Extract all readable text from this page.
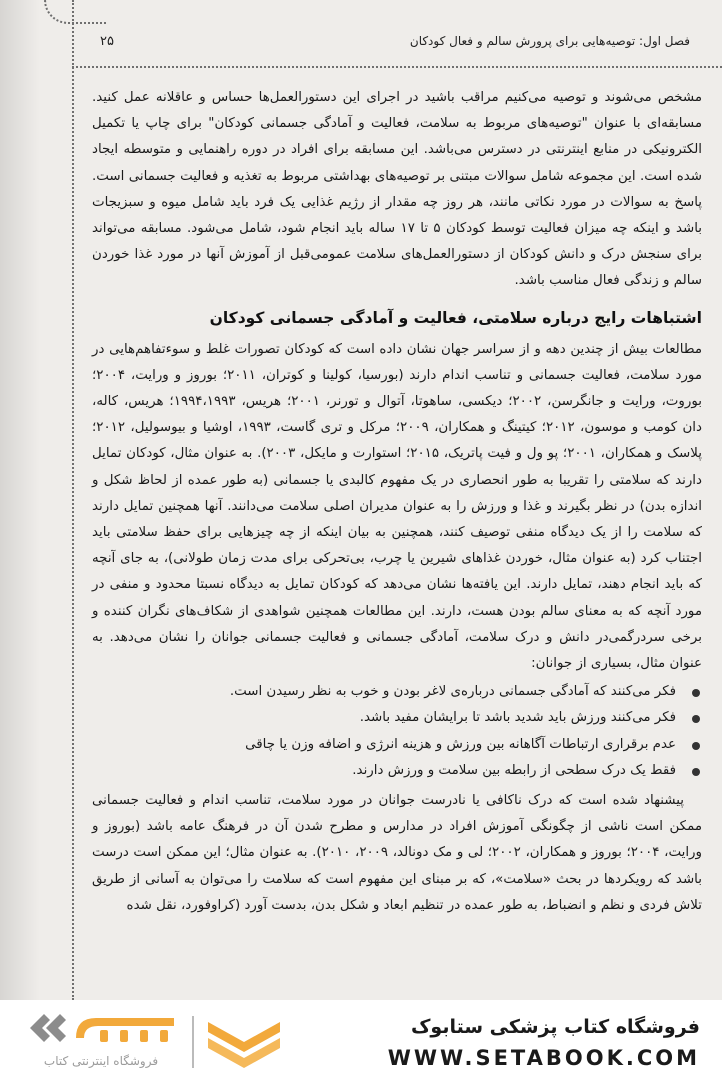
فصل اول: توصیه‌هایی برای پرورش سالم و فعال کودکان
۲۵

مشخص می‌شوند و توصیه می‌کنیم مراقب باشید در اجرای این دستورالعمل‌ها حساس و عاقلانه عمل کنید. مسابقه‌ای با عنوان "توصیه‌های مربوط به سلامت، فعالیت و آمادگی جسمانی کودکان" برای چاپ یا تکمیل الکترونیکی در منابع اینترنتی در دسترس می‌باشد. این مسابقه برای افراد در دوره راهنمایی و متوسطه ایجاد شده است. این مجموعه شامل سوالات مبتنی بر توصیه‌های بهداشتی مربوط به تغذیه و فعالیت جسمانی است. پاسخ به سوالات در مورد نکاتی مانند، هر روز چه مقدار از رژیم غذایی یک فرد باید شامل میوه و سبزیجات باشد و اینکه چه میزان فعالیت توسط کودکان ۵ تا ۱۷ ساله باید انجام شود، شامل می‌شود. مسابقه می‌تواند برای سنجش درک و دانش کودکان از دستورالعمل‌های سلامت عمومی‌قبل از آموزش آنها در مورد غذا خوردن سالم و زندگی فعال مناسب باشد.

اشتباهات رایج درباره سلامتی، فعالیت و آمادگی جسمانی کودکان

مطالعات بیش از چندین دهه و از سراسر جهان نشان داده است که کودکان تصورات غلط و سوءتفاهم‌هایی در مورد سلامت، فعالیت جسمانی و تناسب اندام دارند (بورسیا، کولینا و کوتران، ۲۰۱۱؛ بوروز و ورایت، ۲۰۰۴؛ بوروت، ورایت و جانگرسن، ۲۰۰۲؛ دیکسی، ساهوتا، آتوال و تورنر، ۲۰۰۱؛ هریس، ۱۹۹۴،۱۹۹۳؛ هریس، کاله، دان کومب و موسون، ۲۰۱۲؛ کیتینگ و همکاران، ۲۰۰۹؛ مرکل و تری گاست، ۱۹۹۳، اوشیا و بیوسولیل، ۲۰۱۲؛ پلاسک و همکاران، ۲۰۰۱؛ پو ول و فیت پاتریک، ۲۰۱۵؛ استوارت و مایکل، ۲۰۰۳). به عنوان مثال، کودکان تمایل دارند که سلامتی را تقریبا به طور انحصاری در یک مفهوم کالبدی یا جسمانی (به طور عمده از لحاظ شکل و اندازه بدن) در نظر بگیرند و غذا و ورزش را به عنوان مدیران اصلی سلامت می‌دانند. آنها همچنین تمایل دارند که سلامت را از یک دیدگاه منفی توصیف کنند، همچنین به بیان اینکه از چه چیزهایی برای حفظ سلامتی باید اجتناب کرد (به عنوان مثال، خوردن غذاهای شیرین یا چرب، بی‌تحرکی برای مدت زمان طولانی)، به جای آنچه که باید انجام دهند، تمایل دارند. این یافته‌ها نشان می‌دهد که کودکان تمایل به دیدگاه نسبتا محدود و منفی در مورد آنچه که به معنای سالم بودن هست، دارند. این مطالعات همچنین شواهدی از شکاف‌های نگران کننده و برخی سردرگمی‌در دانش و درک سلامت، آمادگی جسمانی و فعالیت جسمانی جوانان را نشان می‌دهد. به عنوان مثال، بسیاری از جوانان:

فکر می‌کنند که آمادگی جسمانی درباره‌ی لاغر بودن و خوب به نظر رسیدن است.
فکر می‌کنند ورزش باید شدید باشد تا برایشان مفید باشد.
عدم برقراری ارتباطات آگاهانه بین ورزش و هزینه انرژی و اضافه وزن یا چاقی
فقط یک درک سطحی از رابطه بین سلامت و ورزش دارند.

پیشنهاد شده است که درک ناکافی یا نادرست جوانان در مورد سلامت، تناسب اندام و فعالیت جسمانی ممکن است ناشی از چگونگی آموزش افراد در مدارس و مطرح شدن آن در فرهنگ عامه باشد (بوروز و ورایت، ۲۰۰۴؛ بوروز و همکاران، ۲۰۰۲؛ لی و مک دونالد، ۲۰۰۹، ۲۰۱۰). به عنوان مثال؛ این ممکن است درست باشد که رویکردها در بحث «سلامت»، که بر مبنای این مفهوم است که سلامت را می‌توان به آسانی از طریق تلاش فردی و نظم و انضباط، به طور عمده در تنظیم ابعاد و شکل بدن، بدست آورد (کراوفورد، نقل شده

فروشگاه اینترنتی کتاب
فروشگاه کتاب پزشکی ستابوک
WWW.SETABOOK.COM
